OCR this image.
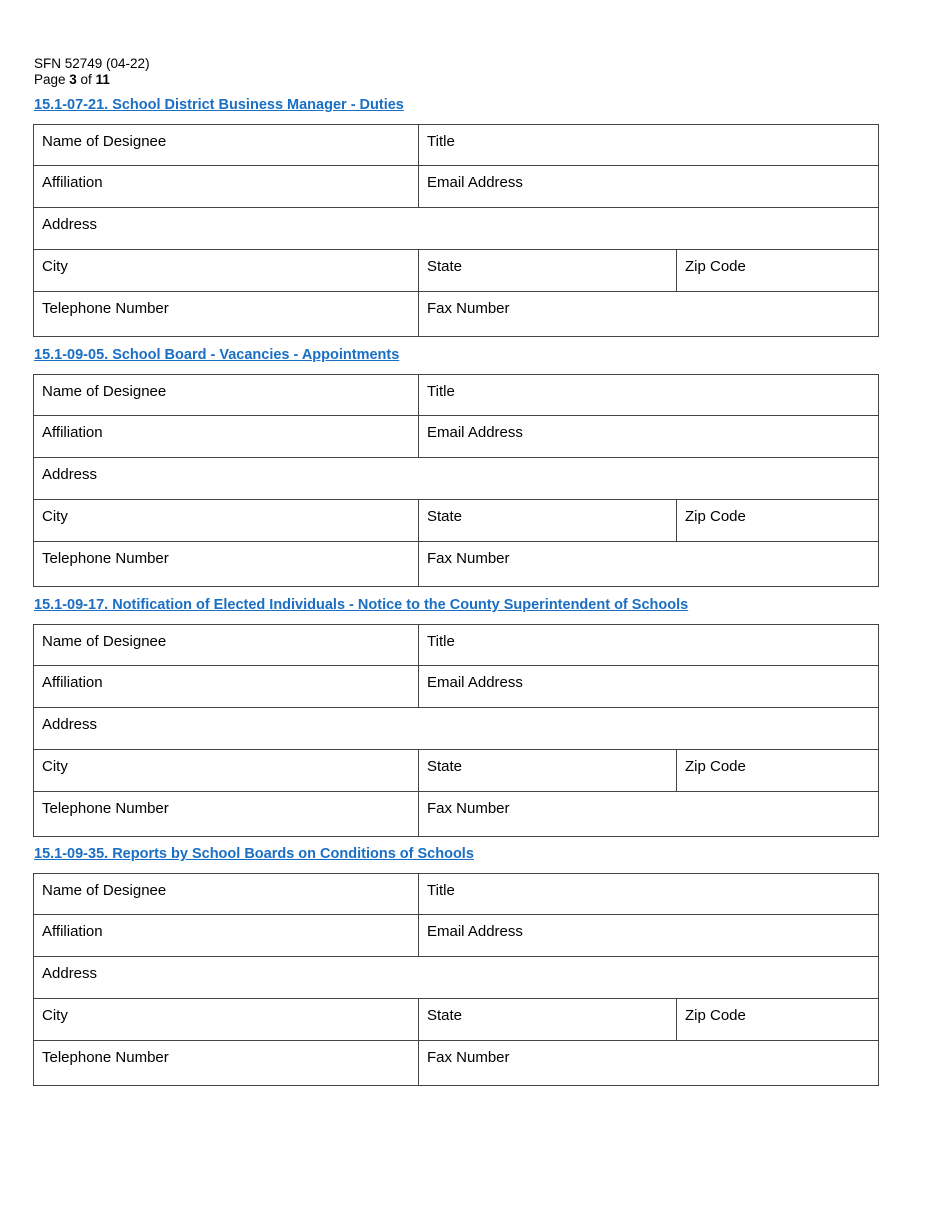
SFN 52749 (04-22)
Page 3 of 11
15.1-07-21. School District Business Manager - Duties
Name of Designee	Title
Affiliation	Email Address
Address
City	State	Zip Code
Telephone Number	Fax Number
15.1-09-05. School Board - Vacancies - Appointments
Name of Designee	Title
Affiliation	Email Address
Address
City	State	Zip Code
Telephone Number	Fax Number
15.1-09-17. Notification of Elected Individuals - Notice to the County Superintendent of Schools
Name of Designee	Title
Affiliation	Email Address
Address
City	State	Zip Code
Telephone Number	Fax Number
15.1-09-35. Reports by School Boards on Conditions of Schools
Name of Designee	Title
Affiliation	Email Address
Address
City	State	Zip Code
Telephone Number	Fax Number
